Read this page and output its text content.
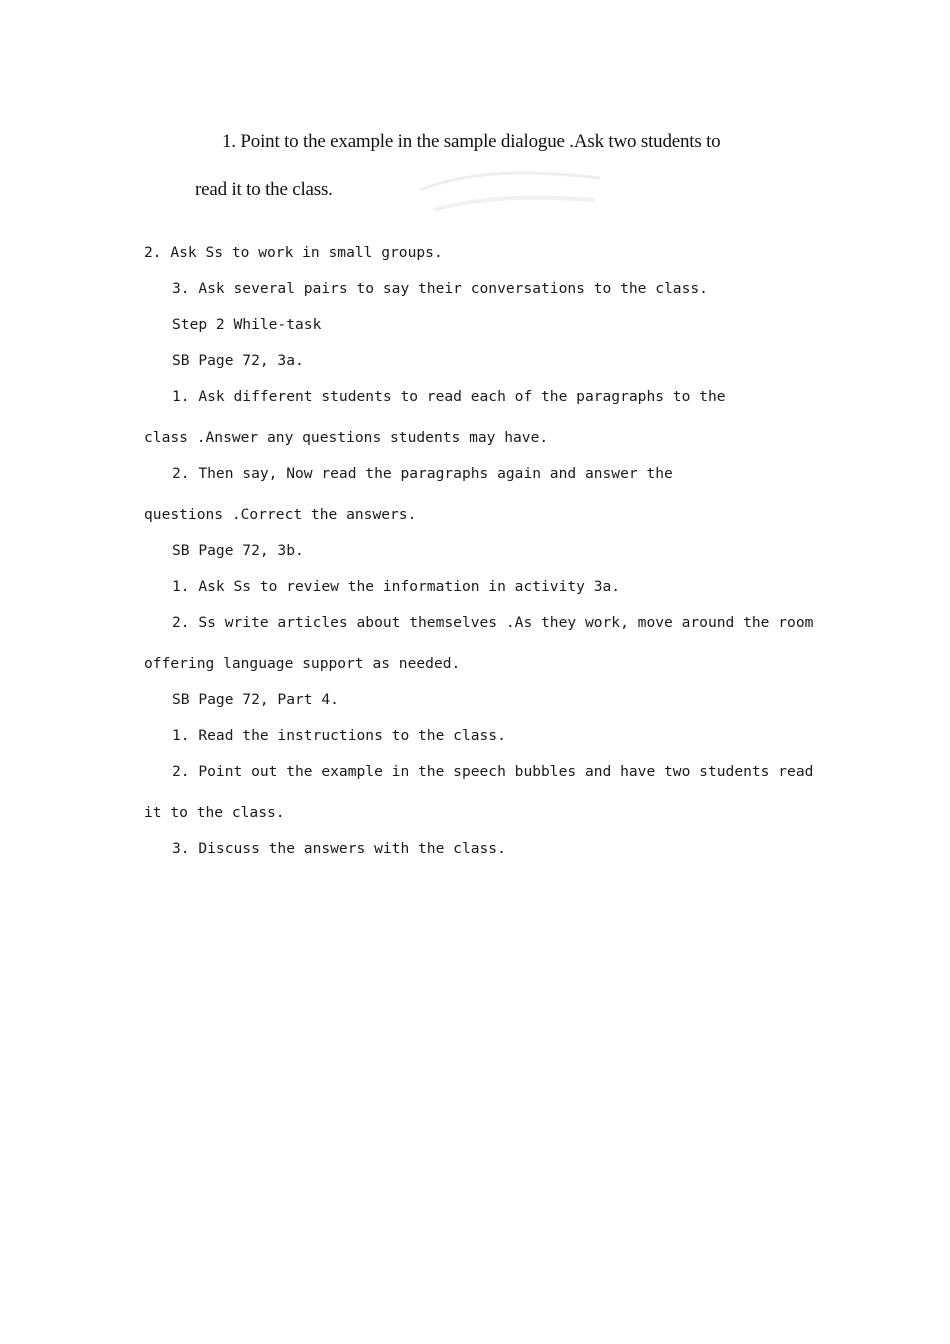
1. Point to the example in the sample dialogue .Ask two students to
read it to the class.
2. Ask Ss to work in small groups.
3. Ask several pairs to say their conversations to the class.
Step 2 While-task
SB Page 72, 3a.
1. Ask different students to read each of the paragraphs to the
class .Answer any questions students may have.
2. Then say, Now read the paragraphs again and answer the
questions .Correct the answers.
SB Page 72, 3b.
1. Ask Ss to review the information in activity 3a.
2. Ss write articles about themselves .As they work, move around the room
offering language support as needed.
SB Page 72, Part 4.
1. Read the instructions to the class.
2. Point out the example in the speech bubbles and have two students read
it to the class.
3. Discuss the answers with the class.
